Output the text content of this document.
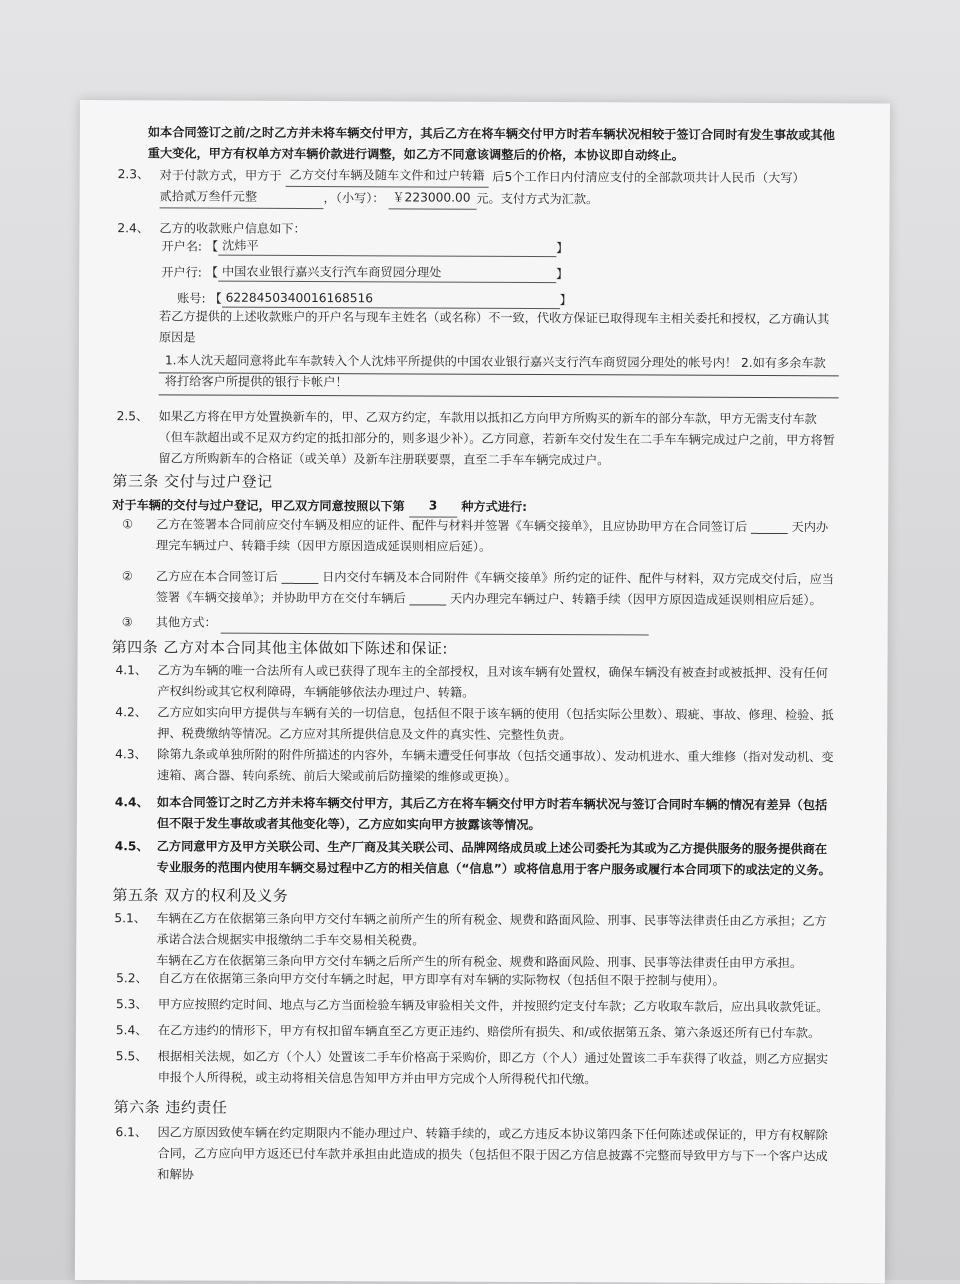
如本合同签订之前/之时乙方并未将车辆交付甲方，其后乙方在将车辆交付甲方时若车辆状况相较于签订合同时有发生事故或其他重大变化，甲方有权单方对车辆价款进行调整，如乙方不同意该调整后的价格，本协议即自动终止。
2.3、 对于付款方式，甲方于 乙方交付车辆及随车文件和过户转籍 后5个工作日内付清应支付的全部款项共计人民币（大写）
贰拾贰万叁仟元整	，（小写）： ￥223000.00 元。支付方式为汇款。
2.4、 乙方的收款账户信息如下：
开户名: 【 沈炜平	】
开户行: 【 中国农业银行嘉兴支行汽车商贸园分理处	】
账号: 【 6228450340016168516	】
若乙方提供的上述收款账户的开户名与现车主姓名（或名称）不一致，代收方保证已取得现车主相关委托和授权，乙方确认其原因是
1.本人沈天超同意将此车车款转入个人沈炜平所提供的中国农业银行嘉兴支行汽车商贸园分理处的帐号内！ 2.如有多余车款将打给客户所提供的银行卡帐户！
2.5、 如果乙方将在甲方处置换新车的，甲、乙双方约定，车款用以抵扣乙方向甲方所购买的新车的部分车款，甲方无需支付车款（但车款超出或不足双方约定的抵扣部分的，则多退少补）。乙方同意，若新车交付发生在二手车车辆完成过户之前，甲方将暂留乙方所购新车的合格证（或关单）及新车注册联要票，直至二手车车辆完成过户。
第三条 交付与过户登记
对于车辆的交付与过户登记，甲乙双方同意按照以下第 3 种方式进行:
①	乙方在签署本合同前应交付车辆及相应的证件、配件与材料并签署《车辆交接单》，且应协助甲方在合同签订后 ______ 天内办理完车辆过户、转籍手续（因甲方原因造成延误则相应后延）。
②	乙方应在本合同签订后 ______ 日内交付车辆及本合同附件《车辆交接单》所约定的证件、配件与材料，双方完成交付后，应当签署《车辆交接单》；并协助甲方在交付车辆后 ______ 天内办理完车辆过户、转籍手续（因甲方原因造成延误则相应后延）。
③	其他方式：
第四条 乙方对本合同其他主体做如下陈述和保证:
4.1、 乙方为车辆的唯一合法所有人或已获得了现车主的全部授权，且对该车辆有处置权，确保车辆没有被查封或被抵押、没有任何产权纠纷或其它权利障碍，车辆能够依法办理过户、转籍。
4.2、 乙方应如实向甲方提供与车辆有关的一切信息，包括但不限于该车辆的使用（包括实际公里数）、瑕疵、事故、修理、检验、抵押、税费缴纳等情况。乙方应对其所提供信息及文件的真实性、完整性负责。
4.3、 除第九条或单独所附的附件所描述的内容外，车辆未遭受任何事故（包括交通事故）、发动机进水、重大维修（指对发动机、变速箱、离合器、转向系统、前后大梁或前后防撞梁的维修或更换）。
4.4、 如本合同签订之时乙方并未将车辆交付甲方，其后乙方在将车辆交付甲方时若车辆状况与签订合同时车辆的情况有差异（包括但不限于发生事故或者其他变化等），乙方应如实向甲方披露该等情况。
4.5、 乙方同意甲方及甲方关联公司、生产厂商及其关联公司、品牌网络成员或上述公司委托为其或为乙方提供服务的服务提供商在专业服务的范围内使用车辆交易过程中乙方的相关信息（“信息”）或将信息用于客户服务或履行本合同项下的或法定的义务。
第五条 双方的权利及义务
5.1、 车辆在乙方在依据第三条向甲方交付车辆之前所产生的所有税金、规费和路面风险、刑事、民事等法律责任由乙方承担；乙方承诺合法合规据实申报缴纳二手车交易相关税费。
车辆在乙方在依据第三条向甲方交付车辆之后所产生的所有税金、规费和路面风险、刑事、民事等法律责任由甲方承担。
5.2、 自乙方在依据第三条向甲方交付车辆之时起，甲方即享有对车辆的实际物权（包括但不限于控制与使用）。
5.3、 甲方应按照约定时间、地点与乙方当面检验车辆及审验相关文件，并按照约定支付车款；乙方收取车款后，应出具收款凭证。
5.4、 在乙方违约的情形下，甲方有权扣留车辆直至乙方更正违约、赔偿所有损失、和/或依据第五条、第六条返还所有已付车款。
5.5、 根据相关法规，如乙方（个人）处置该二手车价格高于采购价，即乙方（个人）通过处置该二手车获得了收益，则乙方应据实申报个人所得税，或主动将相关信息告知甲方并由甲方完成个人所得税代扣代缴。
第六条 违约责任
6.1、 因乙方原因致使车辆在约定期限内不能办理过户、转籍手续的，或乙方违反本协议第四条下任何陈述或保证的，甲方有权解除合同，乙方应向甲方返还已付车款并承担由此造成的损失（包括但不限于因乙方信息披露不完整而导致甲方与下一个客户达成和解协
